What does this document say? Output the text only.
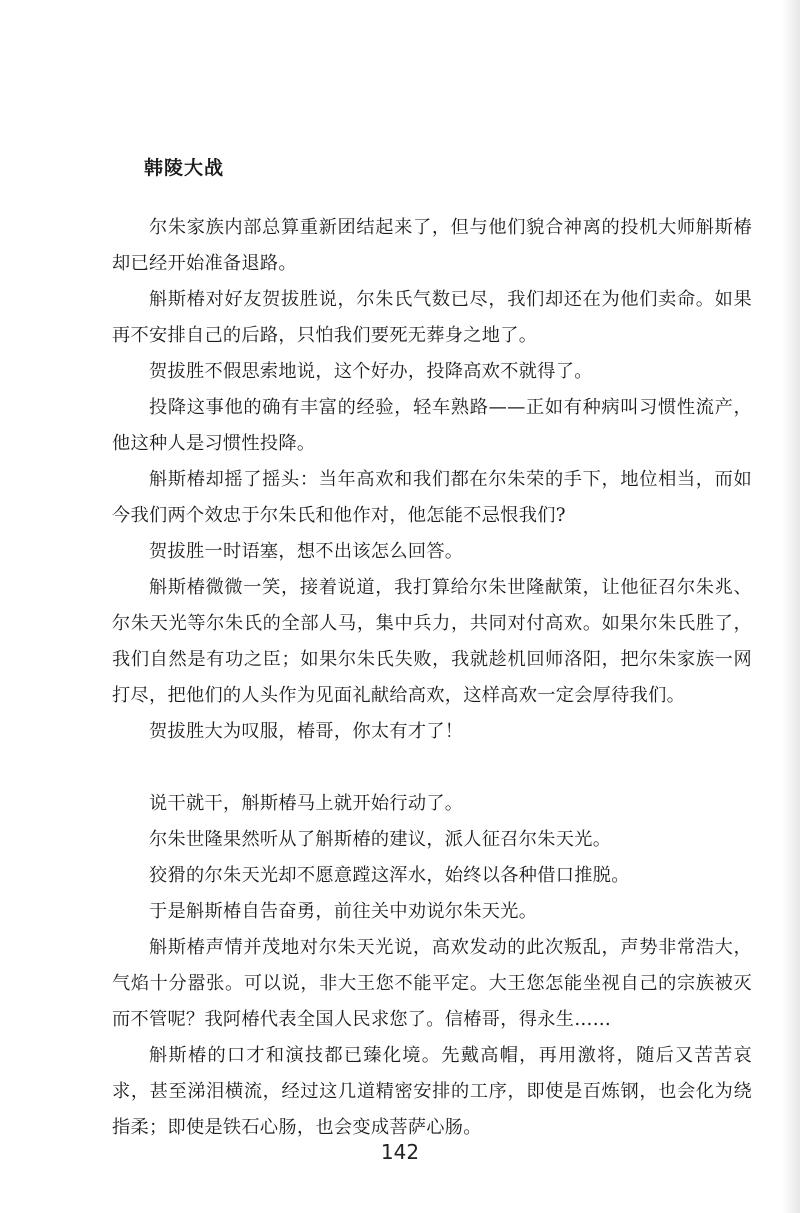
韩陵大战

尔朱家族内部总算重新团结起来了，但与他们貌合神离的投机大师斛斯椿却已经开始准备退路。

斛斯椿对好友贺拔胜说，尔朱氏气数已尽，我们却还在为他们卖命。如果再不安排自己的后路，只怕我们要死无葬身之地了。

贺拔胜不假思索地说，这个好办，投降高欢不就得了。

投降这事他的确有丰富的经验，轻车熟路——正如有种病叫习惯性流产，他这种人是习惯性投降。

斛斯椿却摇了摇头：当年高欢和我们都在尔朱荣的手下，地位相当，而如今我们两个效忠于尔朱氏和他作对，他怎能不忌恨我们?

贺拔胜一时语塞，想不出该怎么回答。

斛斯椿微微一笑，接着说道，我打算给尔朱世隆献策，让他征召尔朱兆、尔朱天光等尔朱氏的全部人马，集中兵力，共同对付高欢。如果尔朱氏胜了，我们自然是有功之臣；如果尔朱氏失败，我就趁机回师洛阳，把尔朱家族一网打尽，把他们的人头作为见面礼献给高欢，这样高欢一定会厚待我们。

贺拔胜大为叹服，椿哥，你太有才了！

说干就干，斛斯椿马上就开始行动了。

尔朱世隆果然听从了斛斯椿的建议，派人征召尔朱天光。

狡猾的尔朱天光却不愿意蹚这浑水，始终以各种借口推脱。

于是斛斯椿自告奋勇，前往关中劝说尔朱天光。

斛斯椿声情并茂地对尔朱天光说，高欢发动的此次叛乱，声势非常浩大，气焰十分嚣张。可以说，非大王您不能平定。大王您怎能坐视自己的宗族被灭而不管呢？我阿椿代表全国人民求您了。信椿哥，得永生……

斛斯椿的口才和演技都已臻化境。先戴高帽，再用激将，随后又苦苦哀求，甚至涕泪横流，经过这几道精密安排的工序，即使是百炼钢，也会化为绕指柔；即使是铁石心肠，也会变成菩萨心肠。

142
